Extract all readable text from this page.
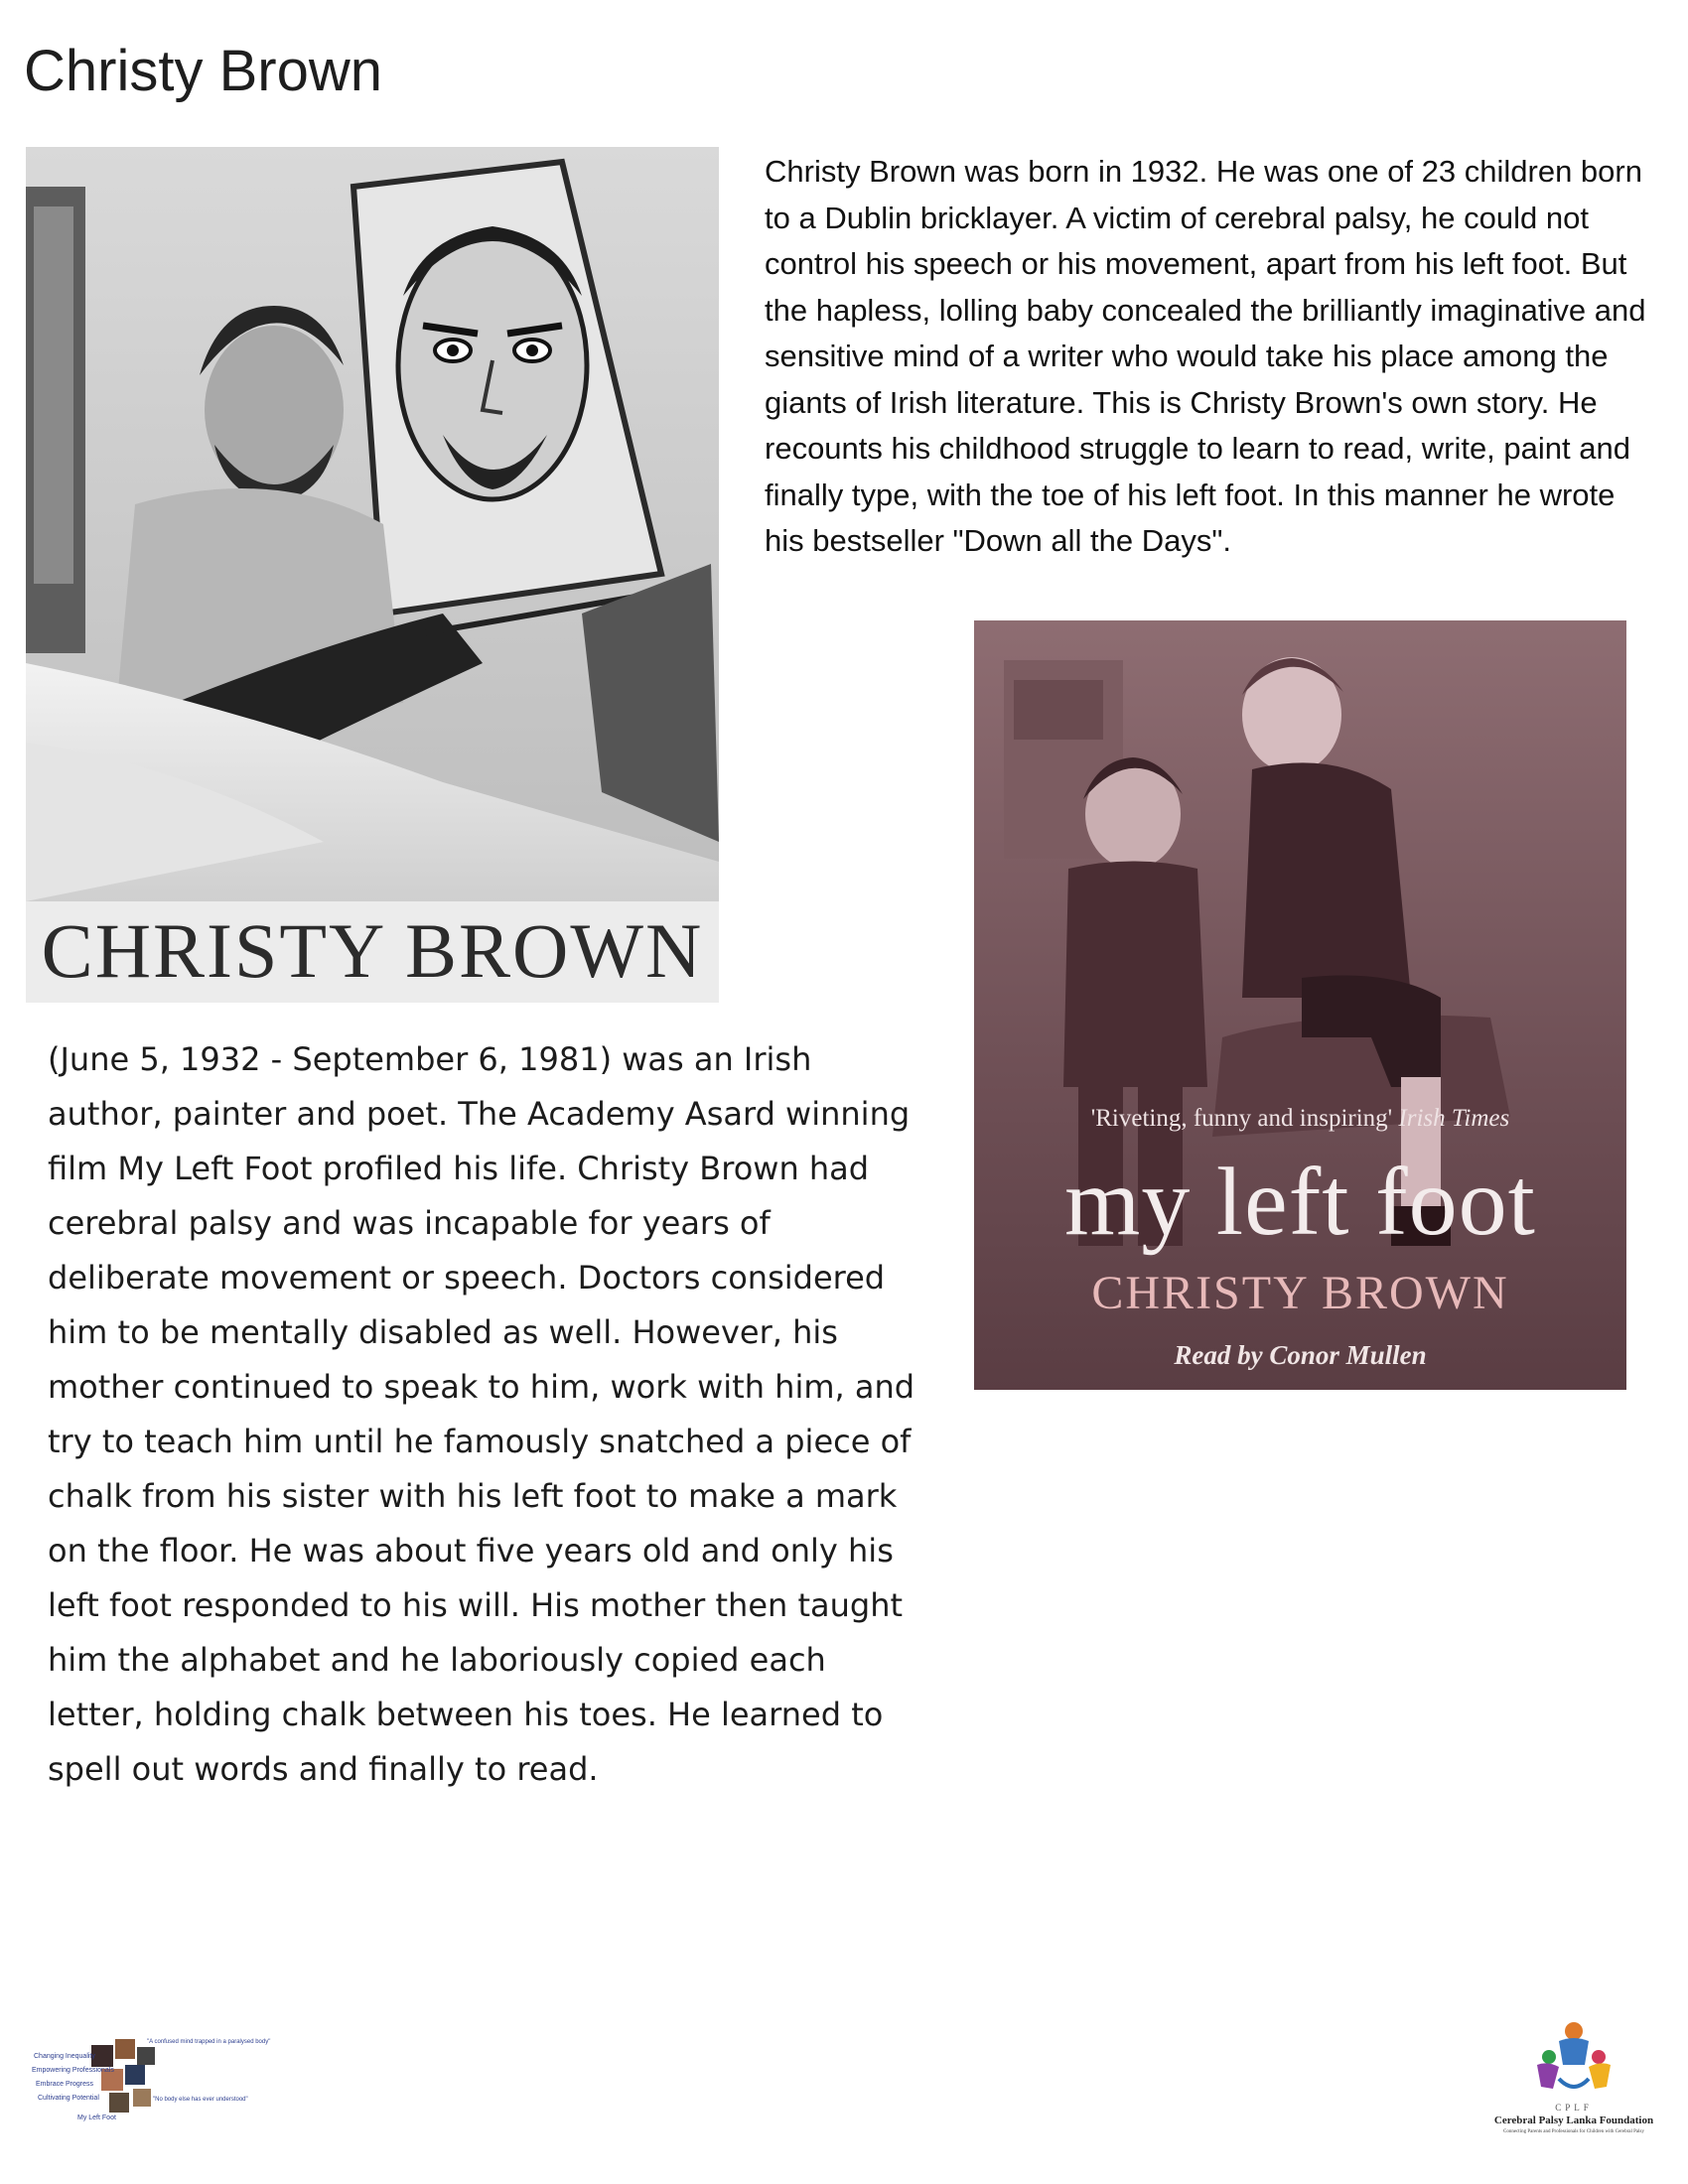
Christy Brown
CHRISTY BROWN

Christy Brown was born in 1932. He was one of 23 children born to a Dublin bricklayer. A victim of cerebral palsy, he could not control his speech or his movement, apart from his left foot. But the hapless, lolling baby concealed the brilliantly imaginative and sensitive mind of a writer who would take his place among the giants of Irish literature. This is Christy Brown's own story. He recounts his childhood struggle to learn to read, write, paint and finally type, with the toe of his left foot. In this manner he wrote his bestseller "Down all the Days".

'Riveting, funny and inspiring' Irish Times
my left foot
CHRISTY BROWN
Read by Conor Mullen

(June 5, 1932 - September 6, 1981) was an Irish author, painter and poet. The Academy Asard winning film My Left Foot profiled his life. Christy Brown had cerebral palsy and was incapable for years of deliberate movement or speech. Doctors considered him to be mentally disabled as well. However, his mother continued to speak to him, work with him, and try to teach him until he famously snatched a piece of chalk from his sister with his left foot to make a mark on the floor. He was about five years old and only his left foot responded to his will. His mother then taught him the alphabet and he laboriously copied each letter, holding chalk between his toes. He learned to spell out words and finally to read.

Changing Inequality
Empowering Professionals
Embrace Progress
Cultivating Potential
My Left Foot
"A confused mind trapped in a paralysed body"
"No body else has ever understood"
CPLF
Cerebral Palsy Lanka Foundation
Connecting Parents and Professionals for Children with Cerebral Palsy
